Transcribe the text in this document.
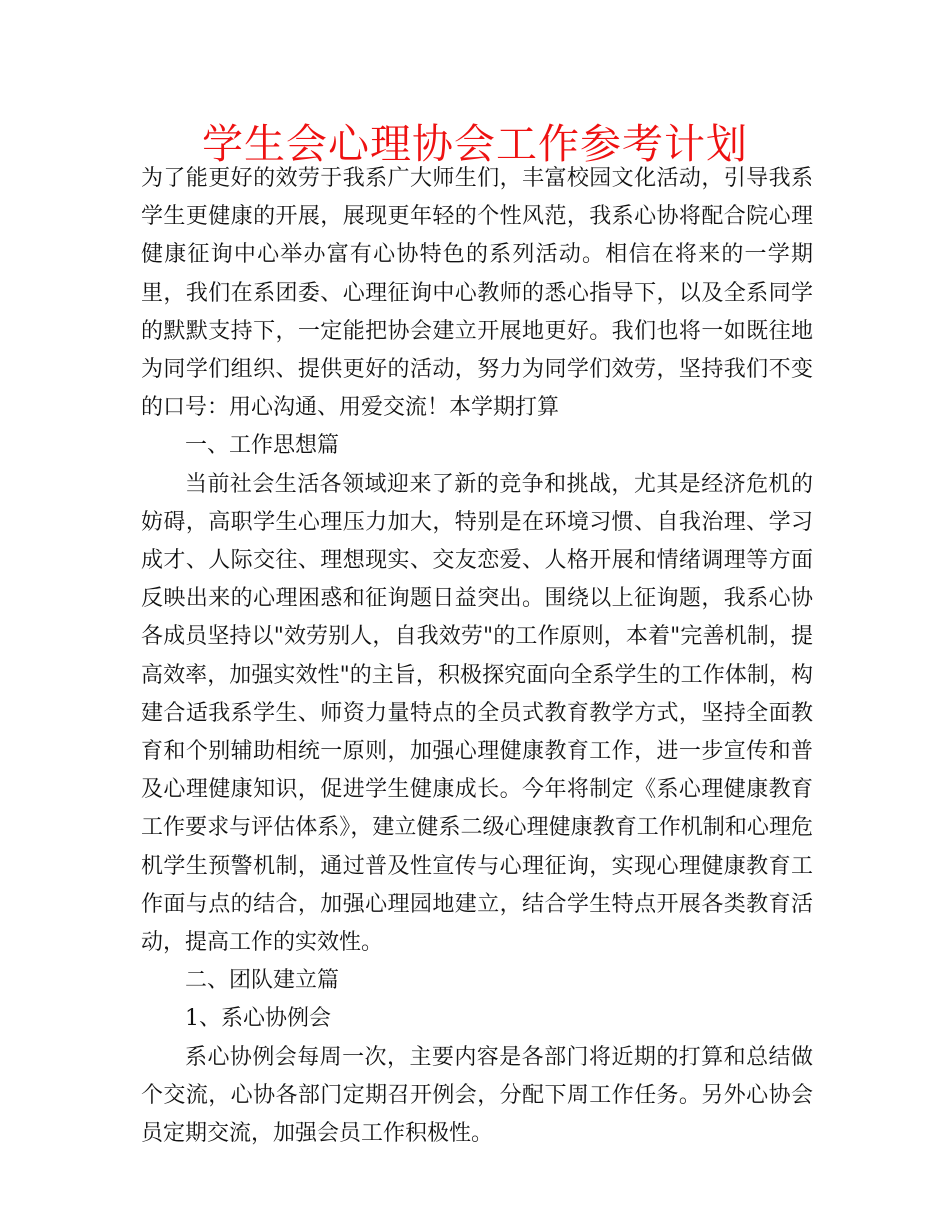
学生会心理协会工作参考计划

为了能更好的效劳于我系广大师生们，丰富校园文化活动，引导我系学生更健康的开展，展现更年轻的个性风范，我系心协将配合院心理健康征询中心举办富有心协特色的系列活动。相信在将来的一学期里，我们在系团委、心理征询中心教师的悉心指导下，以及全系同学的默默支持下，一定能把协会建立开展地更好。我们也将一如既往地为同学们组织、提供更好的活动，努力为同学们效劳，坚持我们不变的口号：用心沟通、用爱交流！本学期打算

一、工作思想篇

当前社会生活各领域迎来了新的竞争和挑战，尤其是经济危机的妨碍，高职学生心理压力加大，特别是在环境习惯、自我治理、学习成才、人际交往、理想现实、交友恋爱、人格开展和情绪调理等方面反映出来的心理困惑和征询题日益突出。围绕以上征询题，我系心协各成员坚持以"效劳别人，自我效劳"的工作原则，本着"完善机制，提高效率，加强实效性"的主旨，积极探究面向全系学生的工作体制，构建合适我系学生、师资力量特点的全员式教育教学方式，坚持全面教育和个别辅助相统一原则，加强心理健康教育工作，进一步宣传和普及心理健康知识，促进学生健康成长。今年将制定《系心理健康教育工作要求与评估体系》，建立健系二级心理健康教育工作机制和心理危机学生预警机制，通过普及性宣传与心理征询，实现心理健康教育工作面与点的结合，加强心理园地建立，结合学生特点开展各类教育活动，提高工作的实效性。

二、团队建立篇

1、系心协例会

系心协例会每周一次，主要内容是各部门将近期的打算和总结做个交流，心协各部门定期召开例会，分配下周工作任务。另外心协会员定期交流，加强会员工作积极性。
